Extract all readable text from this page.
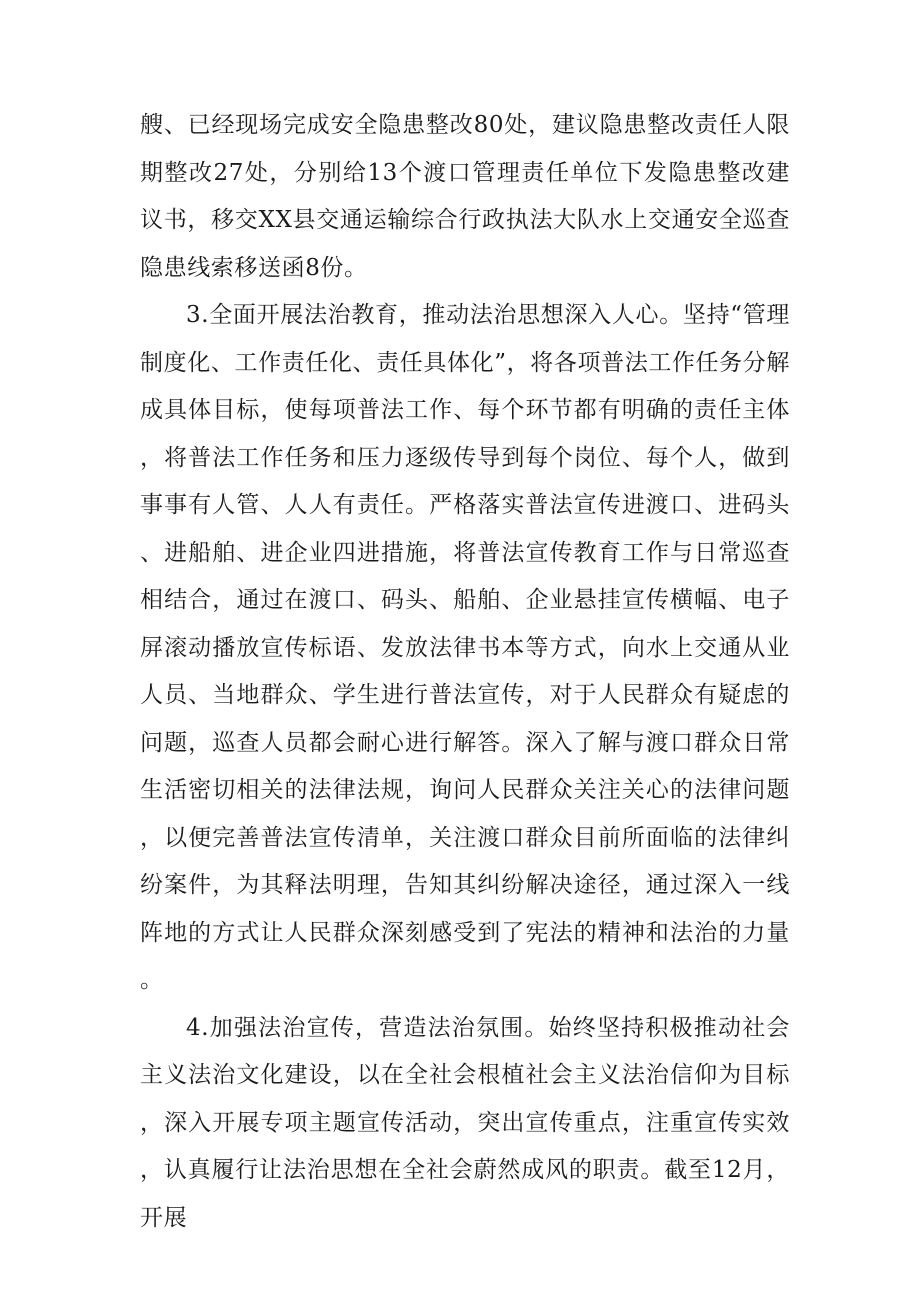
艘、已经现场完成安全隐患整改80处，建议隐患整改责任人限期整改27处，分别给13个渡口管理责任单位下发隐患整改建议书，移交XX县交通运输综合行政执法大队水上交通安全巡查隐患线索移送函8份。

3.全面开展法治教育，推动法治思想深入人心。坚持“管理制度化、工作责任化、责任具体化”，将各项普法工作任务分解成具体目标，使每项普法工作、每个环节都有明确的责任主体，将普法工作任务和压力逐级传导到每个岗位、每个人，做到事事有人管、人人有责任。严格落实普法宣传进渡口、进码头、进船舶、进企业四进措施，将普法宣传教育工作与日常巡查相结合，通过在渡口、码头、船舶、企业悬挂宣传横幅、电子屏滚动播放宣传标语、发放法律书本等方式，向水上交通从业人员、当地群众、学生进行普法宣传，对于人民群众有疑虑的问题，巡查人员都会耐心进行解答。深入了解与渡口群众日常生活密切相关的法律法规，询问人民群众关注关心的法律问题，以便完善普法宣传清单，关注渡口群众目前所面临的法律纠纷案件，为其释法明理，告知其纠纷解决途径，通过深入一线阵地的方式让人民群众深刻感受到了宪法的精神和法治的力量。

4.加强法治宣传，营造法治氛围。始终坚持积极推动社会主义法治文化建设，以在全社会根植社会主义法治信仰为目标，深入开展专项主题宣传活动，突出宣传重点，注重宣传实效，认真履行让法治思想在全社会蔚然成风的职责。截至12月，开展
